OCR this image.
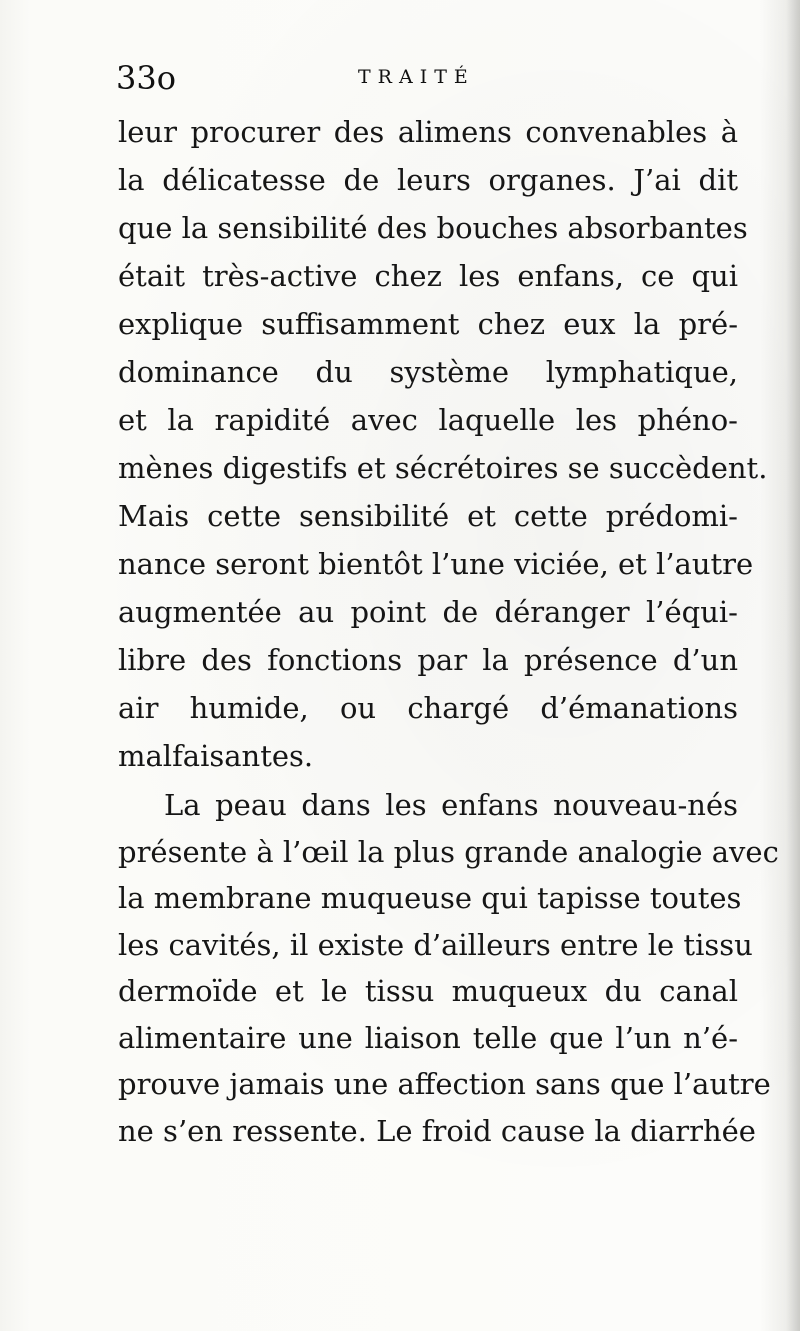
33o	TRAITÉ
leur procurer des alimens convenables à
la délicatesse de leurs organes. J’ai dit
que la sensibilité des bouches absorbantes
était très-active chez les enfans, ce qui
explique suffisamment chez eux la pré-
dominance du système lymphatique,
et la rapidité avec laquelle les phéno-
mènes digestifs et sécrétoires se succèdent.
Mais cette sensibilité et cette prédomi-
nance seront bientôt l’une viciée, et l’autre
augmentée au point de déranger l’équi-
libre des fonctions par la présence d’un
air humide, ou chargé d’émanations
malfaisantes.
La peau dans les enfans nouveau-nés
présente à l’œil la plus grande analogie avec
la membrane muqueuse qui tapisse toutes
les cavités, il existe d’ailleurs entre le tissu
dermoïde et le tissu muqueux du canal
alimentaire une liaison telle que l’un n’é-
prouve jamais une affection sans que l’autre
ne s’en ressente. Le froid cause la diarrhée
